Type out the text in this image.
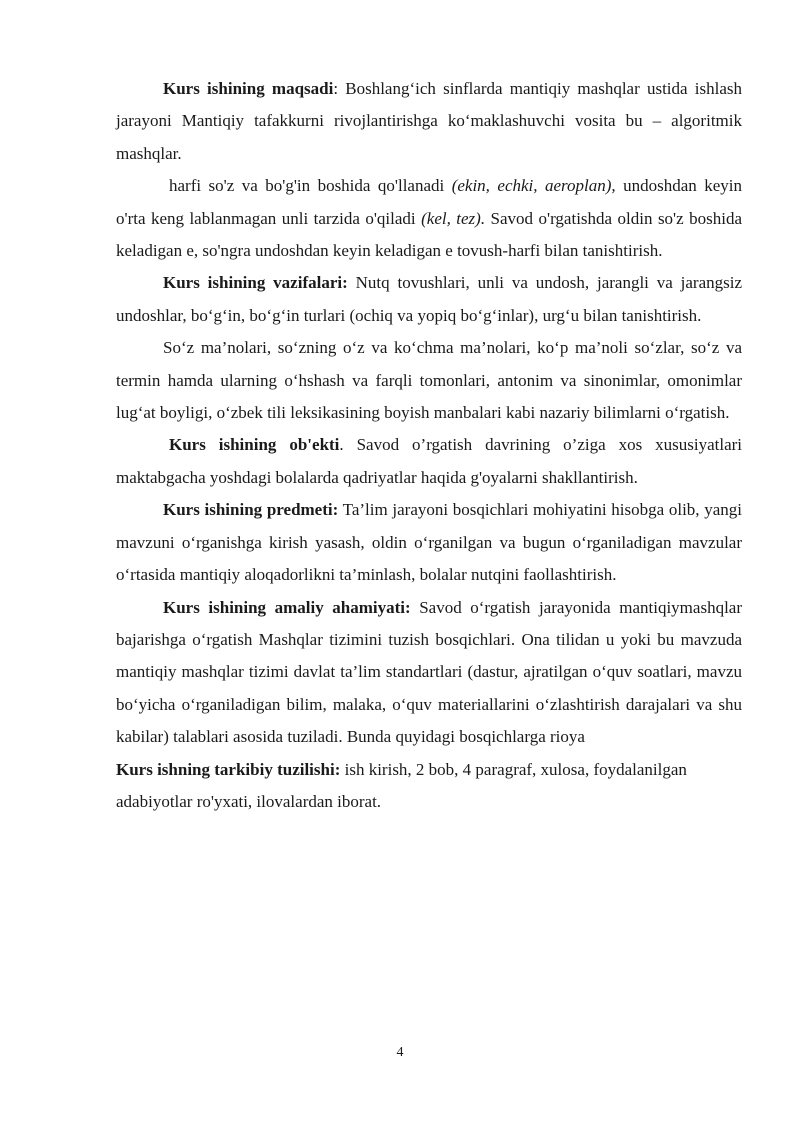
Kurs ishining maqsadi: Boshlang‘ich sinflarda mantiqiy mashqlar ustida ishlash jarayoni Mantiqiy tafakkurni rivojlantirishga ko‘maklashuvchi vosita bu – algoritmik mashqlar.

harfi so'z va bo'g'in boshida qo'llanadi (ekin, echki, aeroplan), undoshdan keyin o'rta keng lablanmagan unli tarzida o'qiladi (kel, tez). Savod o'rgatishda oldin so'z boshida keladigan e, so'ngra undoshdan keyin keladigan e tovush-harfi bilan tanishtirish.

Kurs ishining vazifalari: Nutq tovushlari, unli va undosh, jarangli va jarangsiz undoshlar, bo‘g‘in, bo‘g‘in turlari (ochiq va yopiq bo‘g‘inlar), urg‘u bilan tanishtirish.

So‘z ma’nolari, so‘zning o‘z va ko‘chma ma’nolari, ko‘p ma’noli so‘zlar, so‘z va termin hamda ularning o‘hshash va farqli tomonlari, antonim va sinonimlar, omonimlar lug‘at boyligi, o‘zbek tili leksikasining boyish manbalari kabi nazariy bilimlarni o‘rgatish.

Kurs ishining ob'ekti. Savod o’rgatish davrining o’ziga xos xususiyatlari maktabgacha yoshdagi bolalarda qadriyatlar haqida g'oyalarni shakllantirish.

Kurs ishining predmeti: Ta’lim jarayoni bosqichlari mohiyatini hisobga olib, yangi mavzuni o‘rganishga kirish yasash, oldin o‘rganilgan va bugun o‘rganiladigan mavzular o‘rtasida mantiqiy aloqadorlikni ta’minlash, bolalar nutqini faollashtirish.

Kurs ishining amaliy ahamiyati: Savod o‘rgatish jarayonida mantiqiymashqlar bajarishga o‘rgatish Mashqlar tizimini tuzish bosqichlari. Ona tilidan u yoki bu mavzuda mantiqiy mashqlar tizimi davlat ta’lim standartlari (dastur, ajratilgan o‘quv soatlari, mavzu bo‘yicha o‘rganiladigan bilim, malaka, o‘quv materiallarini o‘zlashtirish darajalari va shu kabilar) talablari asosida tuziladi. Bunda quyidagi bosqichlarga rioya

Kurs ishning tarkibiy tuzilishi: ish kirish, 2 bob, 4 paragraf, xulosa, foydalanilgan adabiyotlar ro'yxati, ilovalardan iborat.

4
